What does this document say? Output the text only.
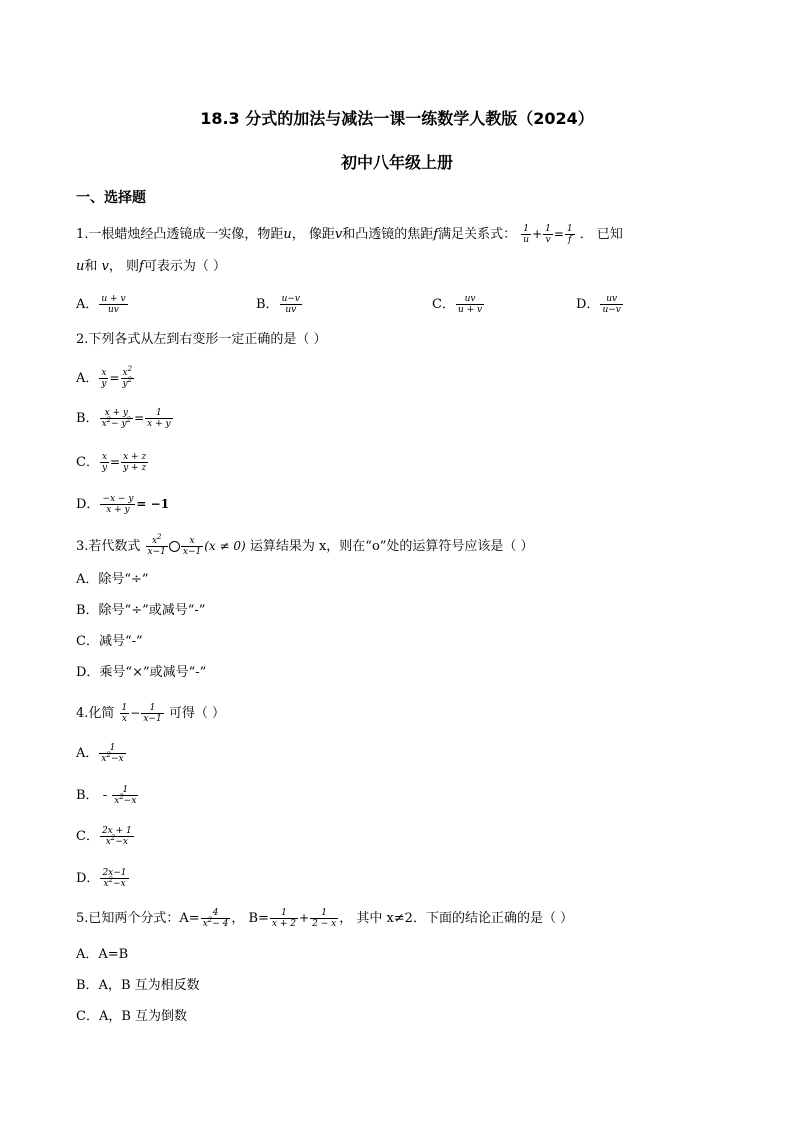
18.3 分式的加法与减法一课一练数学人教版（2024）
初中八年级上册
一、选择题
1.一根蜡烛经凸透镜成一实像，物距u， 像距v和凸透镜的焦距f满足关系式： $\frac{1}{u} + \frac{1}{v} = \frac{1}{f}$ ． 已知
u和 v， 则f可表示为（ ）
A． $\frac{u + v}{uv}$	B． $\frac{u-v}{uv}$	C． $\frac{uv}{u + v}$	D． $\frac{uv}{u-v}$
2.下列各式从左到右变形一定正确的是（ ）
A． $\frac{x}{y} = \frac{x^2}{y^2}$
B． $\frac{x + y}{x^2- y^2} = \frac{1}{x + y}$
C． $\frac{x}{y} = \frac{x + z}{y + z}$
D． $\frac{-x - y}{x + y} = -1$
3.若代数式 $\frac{x^2}{x-1} \frac{x}{x-1} (x \ne 0)$ 运算结果为 x，则在“o”处的运算符号应该是（ ）
A．除号“÷”
B．除号“÷”或减号“-”
C．减号“-”
D．乘号“×”或减号“-”
4.化简 $\frac{1}{x} - \frac{1}{x-1}$ 可得（ ）
A． $\frac{1}{x^2-x}$
B． - $\frac{1}{x^2-x}$
C． $\frac{2x + 1}{x^2-x}$
D． $\frac{2x-1}{x^2-x}$
5.已知两个分式：$A= \frac{4}{x^2- 4}$ ， $B= \frac{1}{x + 2} + \frac{1}{2 - x}$ ， 其中 x≠2．下面的结论正确的是（ ）
A．A=B
B．A，B 互为相反数
C．A，B 互为倒数
